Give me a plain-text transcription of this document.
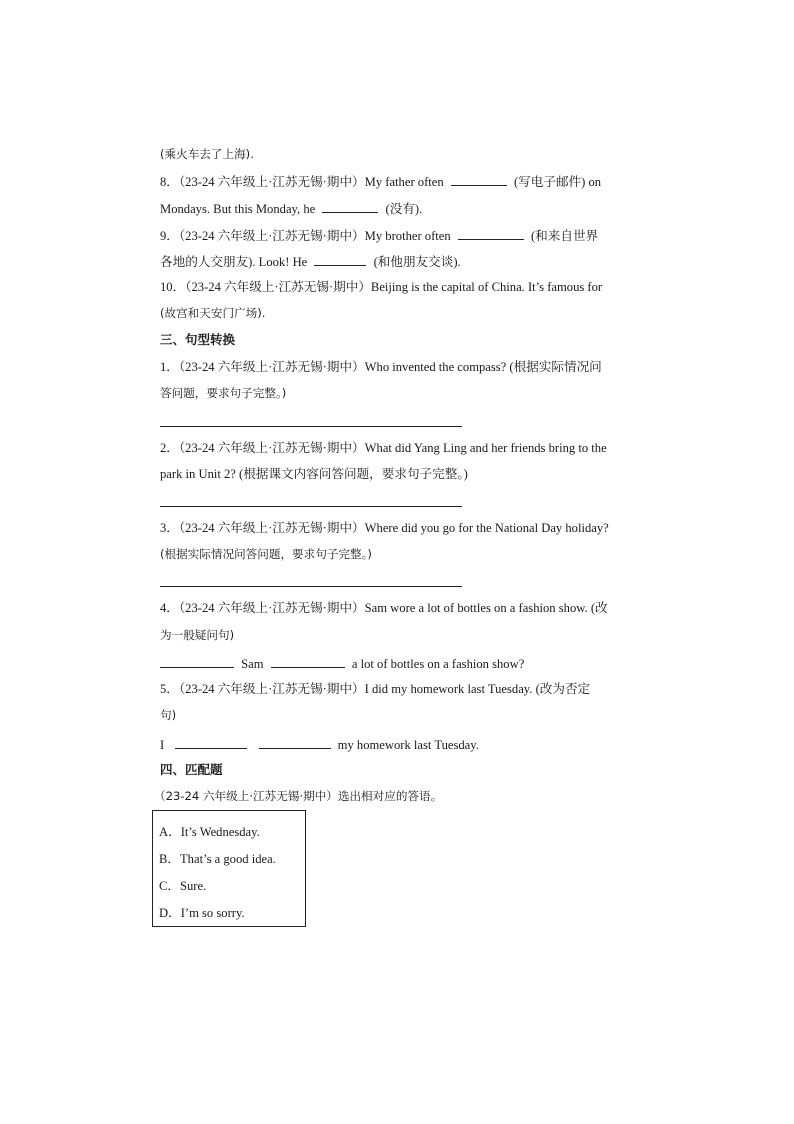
(乘火车去了上海).
8．（23-24 六年级上·江苏无锡·期中）My father often	(写电子邮件) on
Mondays. But this Monday, he	(没有).
9．（23-24 六年级上·江苏无锡·期中）My brother often	(和来自世界
各地的人交朋友). Look! He	(和他朋友交谈).
10．（23-24 六年级上·江苏无锡·期中）Beijing is the capital of China. It’s famous for
(故宫和天安门广场).
三、句型转换
1．（23-24 六年级上·江苏无锡·期中）Who invented the compass? (根据实际情况问
答问题，要求句子完整。)
2．（23-24 六年级上·江苏无锡·期中）What did Yang Ling and her friends bring to the
park in Unit 2? (根据课文内容问答问题，要求句子完整。)
3．（23-24 六年级上·江苏无锡·期中）Where did you go for the National Day holiday?
(根据实际情况问答问题，要求句子完整。)
4．（23-24 六年级上·江苏无锡·期中）Sam wore a lot of bottles on a fashion show. (改
为一般疑问句)
Sam	a lot of bottles on a fashion show?
5．（23-24 六年级上·江苏无锡·期中）I did my homework last Tuesday. (改为否定
句)
I	my homework last Tuesday.
四、匹配题
（23-24 六年级上·江苏无锡·期中）选出相对应的答语。
A．It’s Wednesday.
B．That’s a good idea.
C．Sure.
D．I’m so sorry.
